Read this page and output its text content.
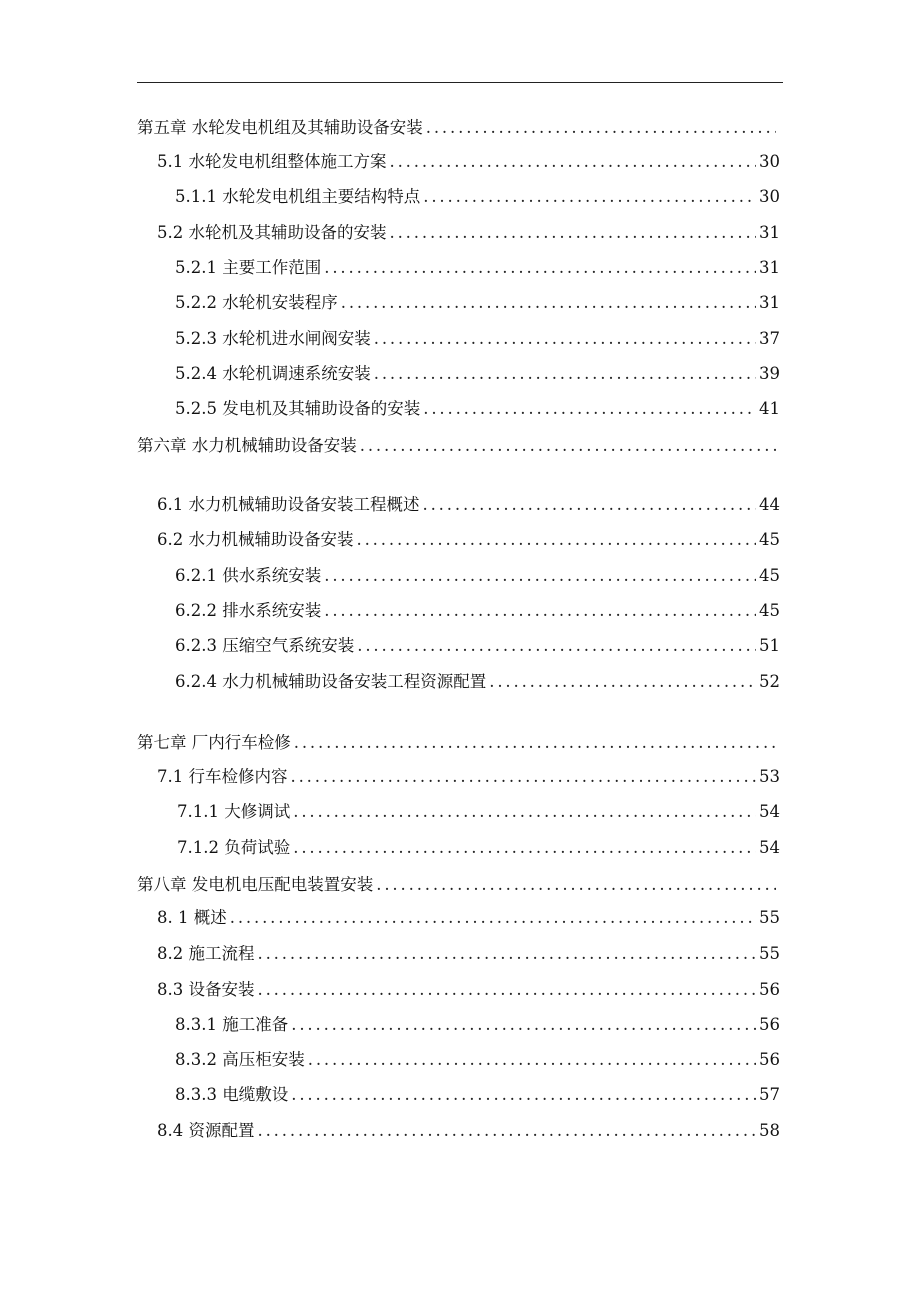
第五章 水轮发电机组及其辅助设备安装
. . .
5.1 水轮发电机组整体施工方案 . . .	30
5.1.1 水轮发电机组主要结构特点 . . .	30
5.2 水轮机及其辅助设备的安装 . . .	31
5.2.1 主要工作范围 . . .	31
5.2.2 水轮机安装程序 . . .	31
5.2.3 水轮机进水闸阀安装 . . .	37
5.2.4 水轮机调速系统安装 . . .	39
5.2.5 发电机及其辅助设备的安装 . . .	41
第六章 水力机械辅助设备安装
. . .
6.1 水力机械辅助设备安装工程概述 . . .	44
6.2 水力机械辅助设备安装 . . .	45
6.2.1 供水系统安装 . . .	45
6.2.2 排水系统安装 . . .	45
6.2.3 压缩空气系统安装 . . .	51
6.2.4 水力机械辅助设备安装工程资源配置 . . .	52
第七章 厂内行车检修
. . .
7.1 行车检修内容 . . .	53
7.1.1 大修调试 . . .	54
7.1.2 负荷试验 . . .	54
第八章 发电机电压配电装置安装
. . .
8. 1 概述 . . .	55
8.2 施工流程 . . .	55
8.3 设备安装 . . .	56
8.3.1 施工准备 . . .	56
8.3.2 高压柜安装 . . .	56
8.3.3 电缆敷设 . . .	57
8.4 资源配置 . . .	58
